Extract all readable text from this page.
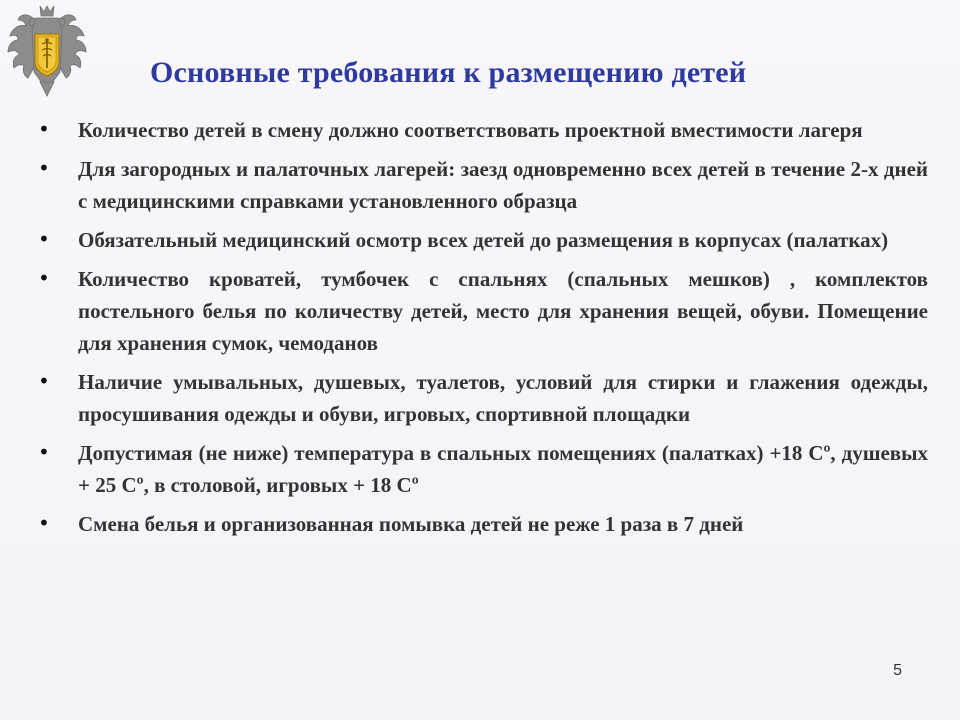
Основные требования к размещению детей
• Количество детей в смену должно соответствовать проектной вместимости лагеря
• Для загородных и палаточных лагерей: заезд одновременно всех детей в течение 2-х дней с медицинскими справками установленного образца
• Обязательный медицинский осмотр всех детей до размещения в корпусах (палатках)
• Количество кроватей, тумбочек с спальнях (спальных мешков) , комплектов постельного белья по количеству детей, место для хранения вещей, обуви. Помещение для хранения сумок, чемоданов
• Наличие умывальных, душевых, туалетов, условий для стирки и глажения одежды, просушивания одежды и обуви, игровых, спортивной площадки
• Допустимая (не ниже) температура в спальных помещениях (палатках) +18 Сº, душевых + 25 Сº, в столовой, игровых + 18 Сº
• Смена белья и организованная помывка детей не реже 1 раза в 7 дней
5
